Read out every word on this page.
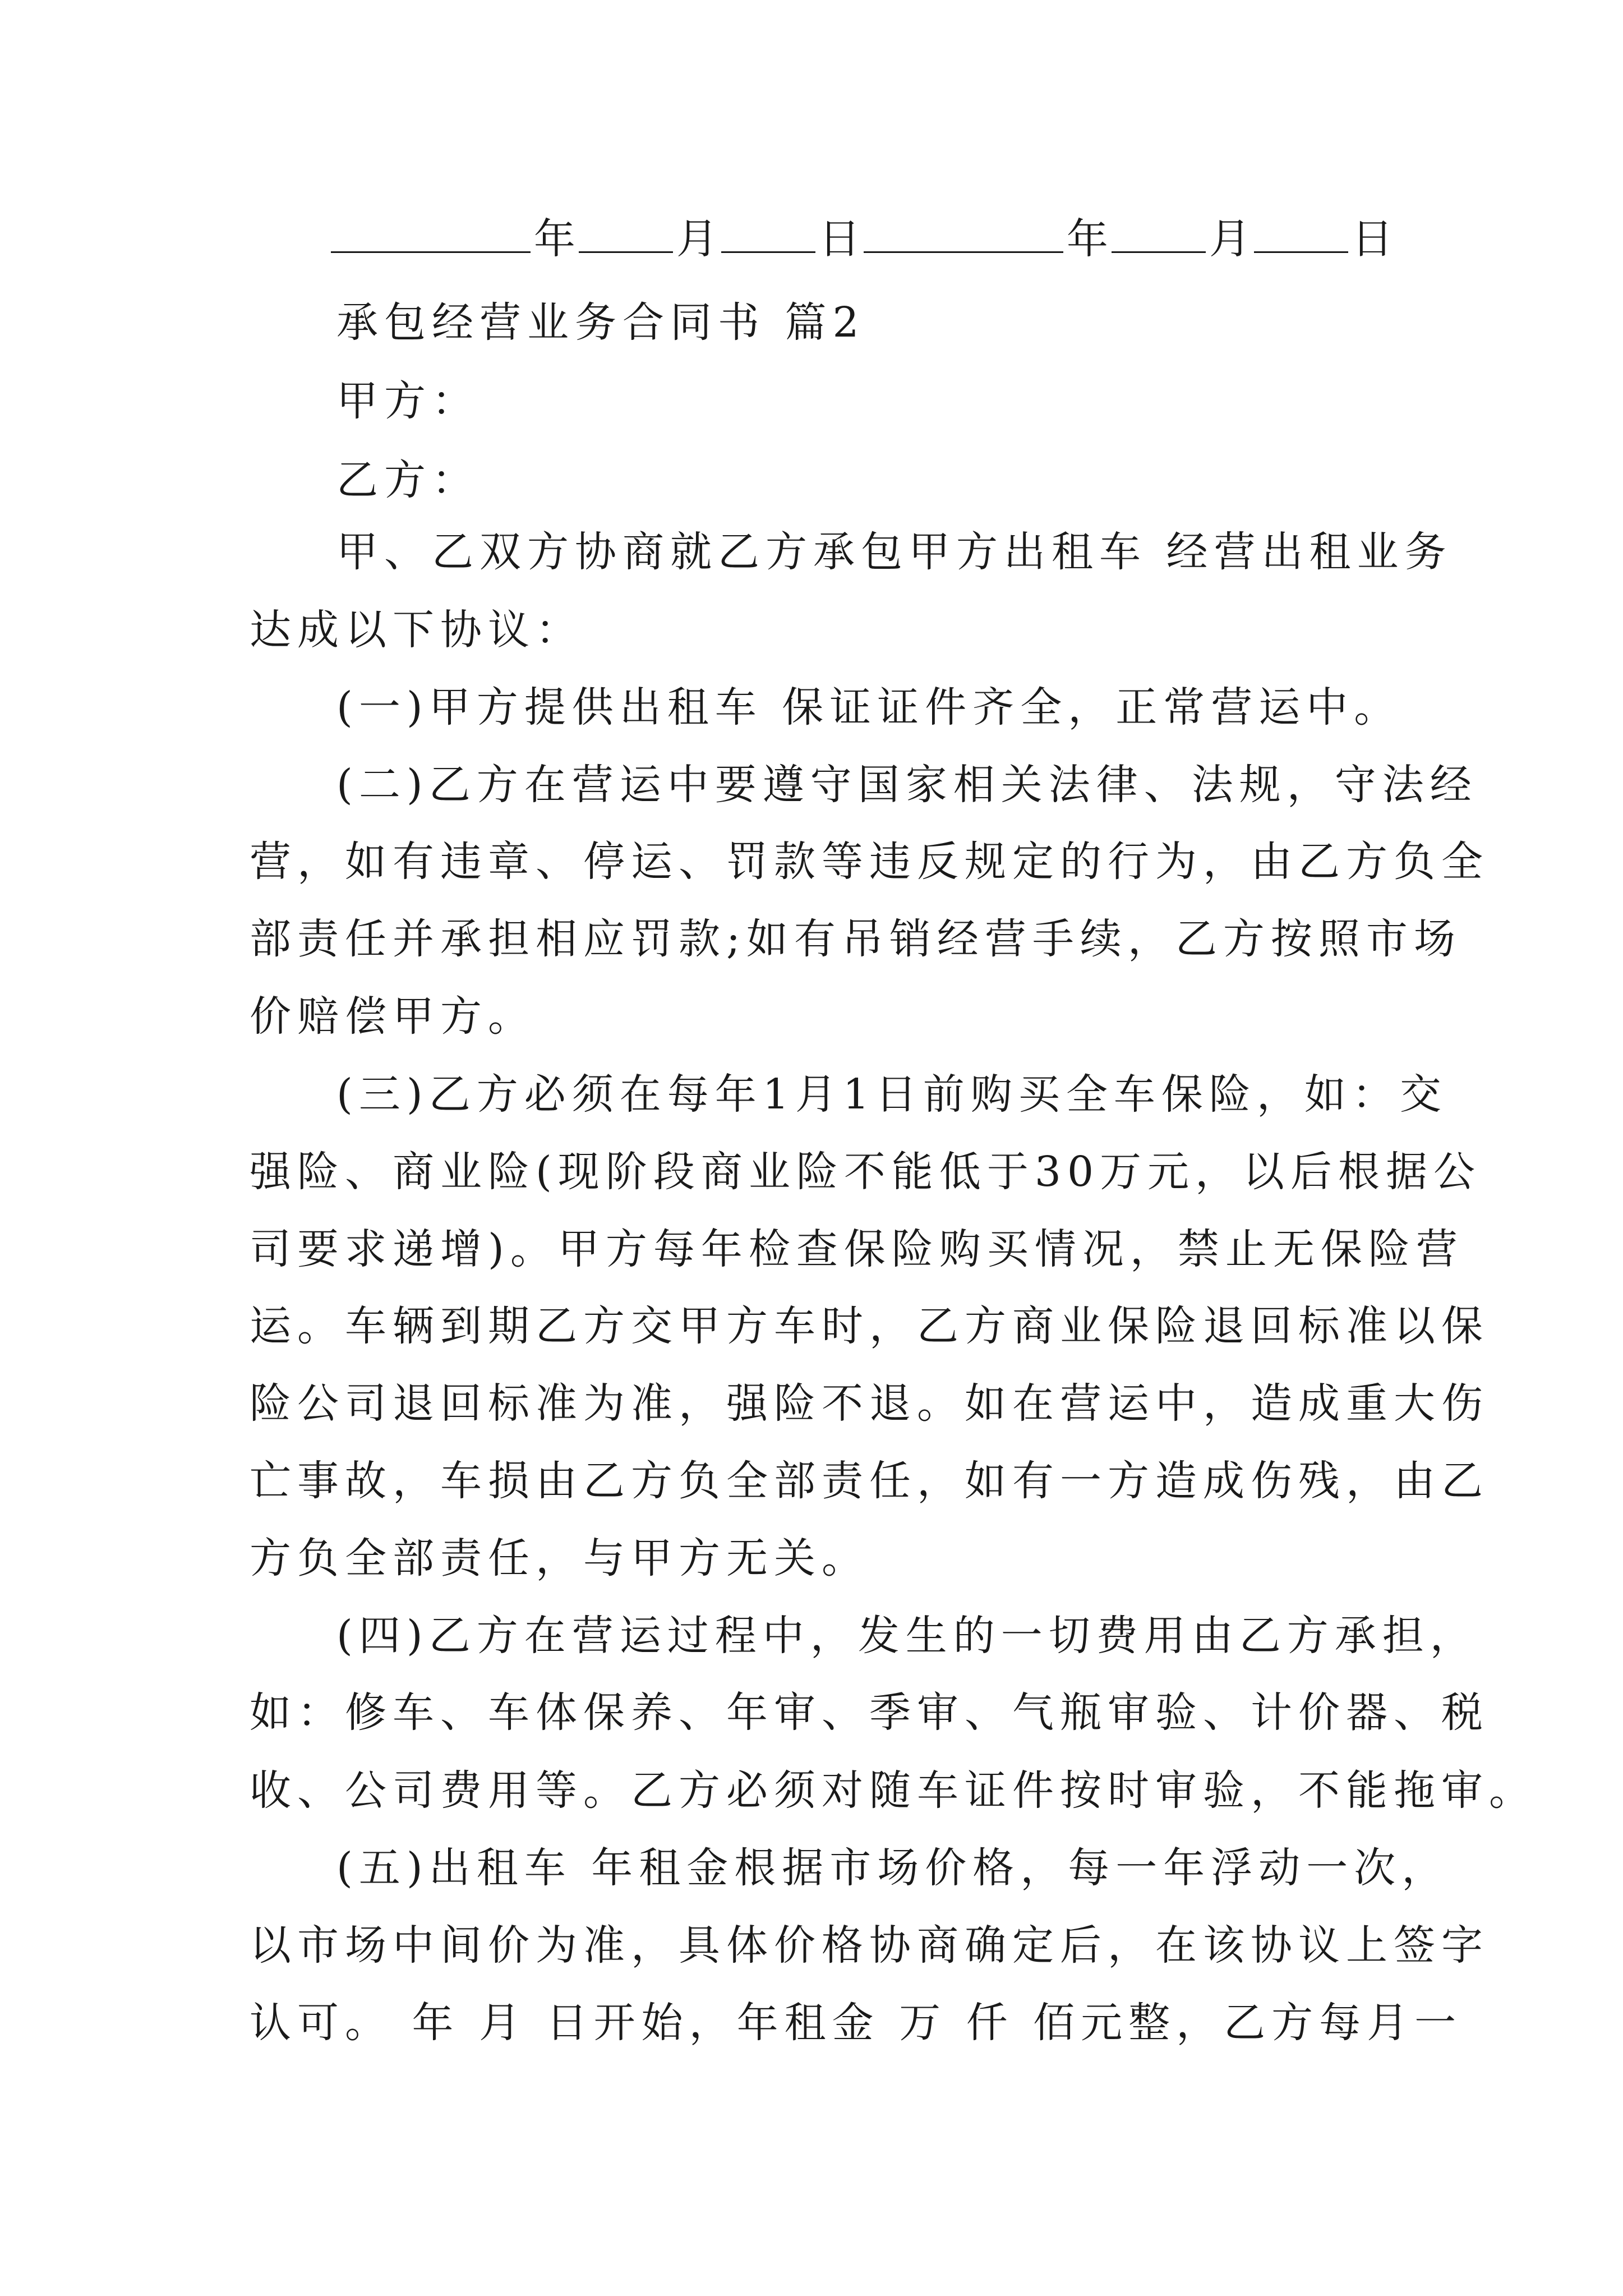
年 月 日	年 月 日
承包经营业务合同书 篇2
甲方：
乙方：
甲、乙双方协商就乙方承包甲方出租车 经营出租业务
达成以下协议：
(一)甲方提供出租车 保证证件齐全，正常营运中。
(二)乙方在营运中要遵守国家相关法律、法规，守法经
营，如有违章、停运、罚款等违反规定的行为，由乙方负全
部责任并承担相应罚款;如有吊销经营手续，乙方按照市场
价赔偿甲方。
(三)乙方必须在每年1月1日前购买全车保险，如：交
强险、商业险(现阶段商业险不能低于30万元，以后根据公
司要求递增)。甲方每年检查保险购买情况，禁止无保险营
运。车辆到期乙方交甲方车时，乙方商业保险退回标准以保
险公司退回标准为准，强险不退。如在营运中，造成重大伤
亡事故，车损由乙方负全部责任，如有一方造成伤残，由乙
方负全部责任，与甲方无关。
(四)乙方在营运过程中，发生的一切费用由乙方承担，
如：修车、车体保养、年审、季审、气瓶审验、计价器、税
收、公司费用等。乙方必须对随车证件按时审验，不能拖审。
(五)出租车 年租金根据市场价格，每一年浮动一次，
以市场中间价为准，具体价格协商确定后，在该协议上签字
认可。 年 月 日开始，年租金 万 仟 佰元整，乙方每月一
